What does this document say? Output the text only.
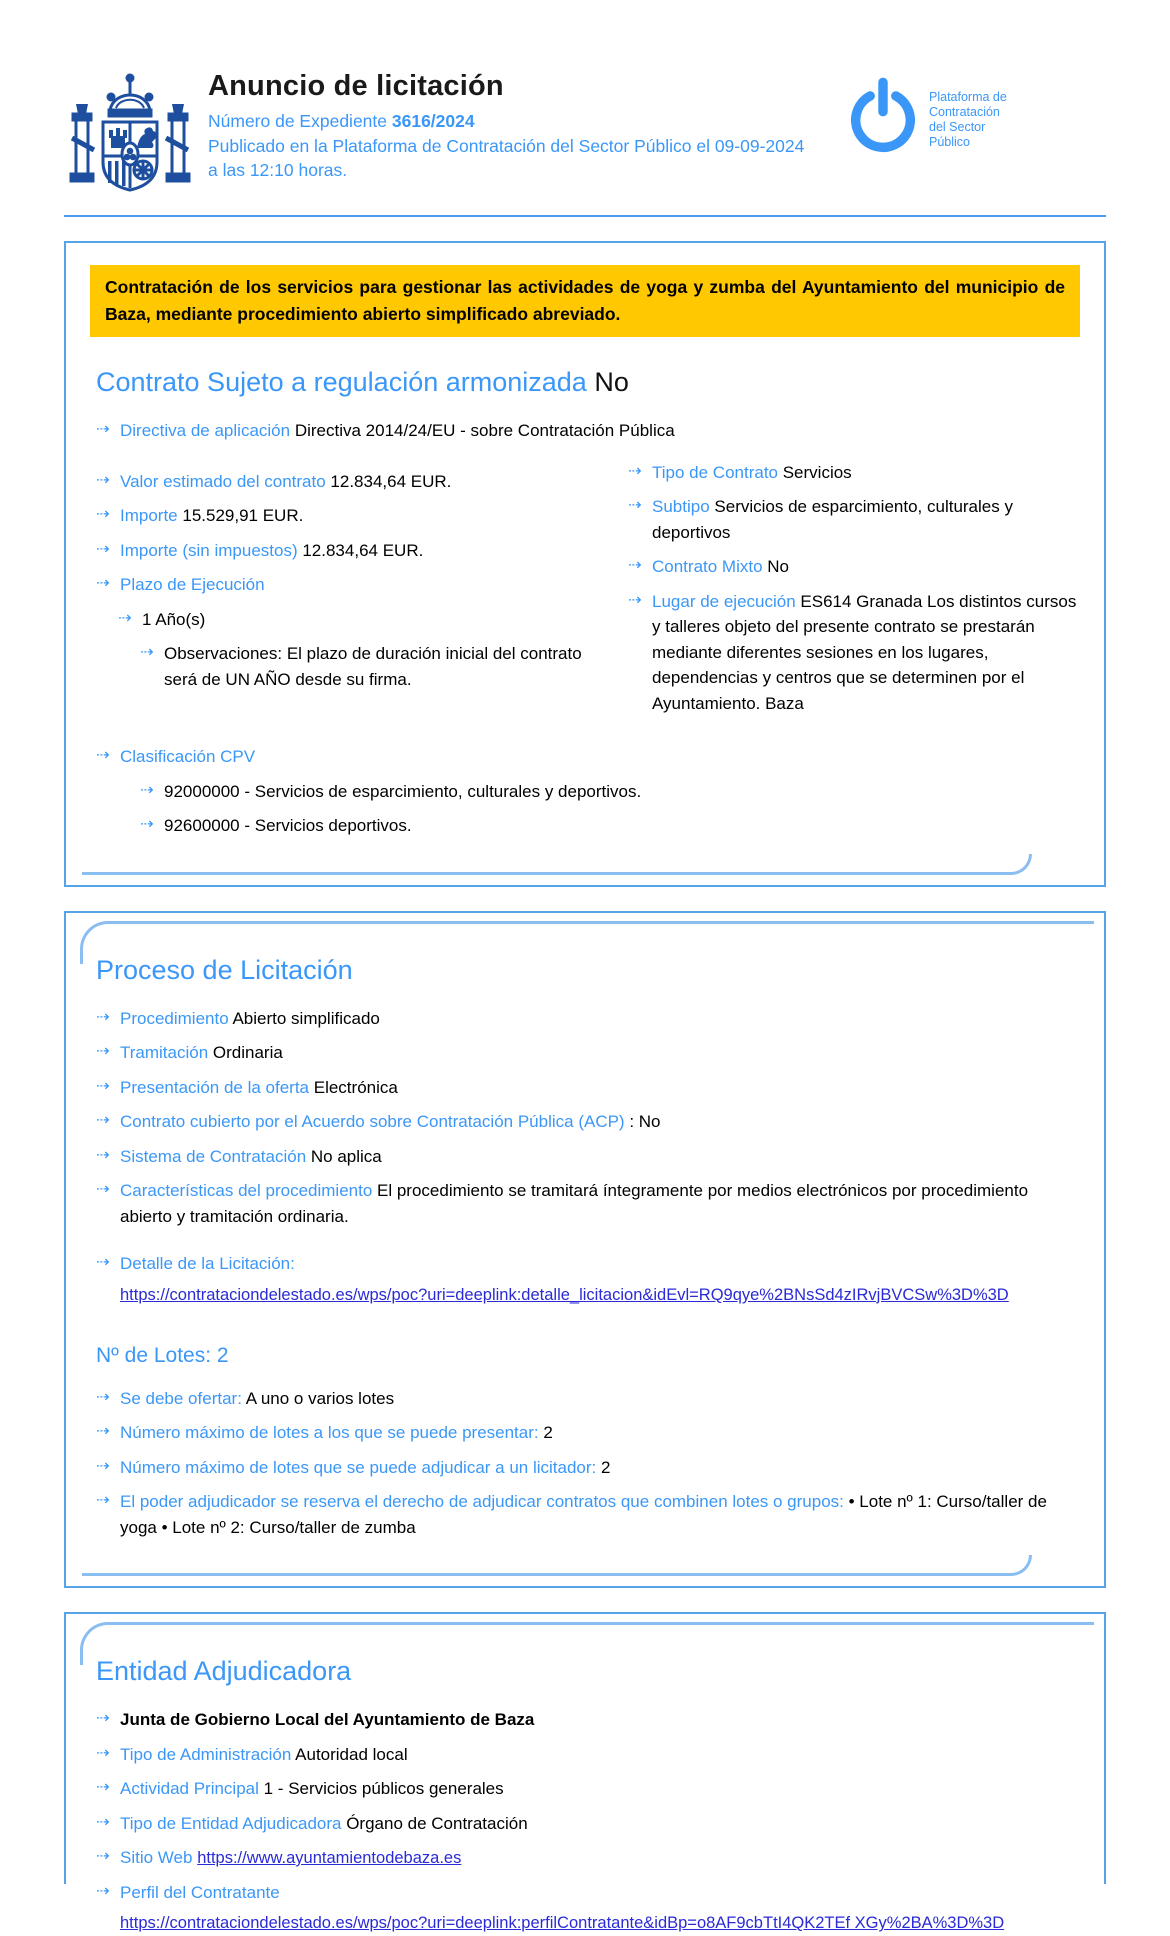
Anuncio de licitación
Número de Expediente 3616/2024
Publicado en la Plataforma de Contratación del Sector Público el 09-09-2024
a las 12:10 horas.
Plataforma de
Contratación
del Sector
Público
Contratación de los servicios para gestionar las actividades de yoga y zumba del Ayuntamiento del municipio de Baza, mediante procedimiento abierto simplificado abreviado.
Contrato Sujeto a regulación armonizada No
⇢ Directiva de aplicación Directiva 2014/24/EU - sobre Contratación Pública
⇢ Valor estimado del contrato 12.834,64 EUR.
⇢ Importe 15.529,91 EUR.
⇢ Importe (sin impuestos) 12.834,64 EUR.
⇢ Plazo de Ejecución
⇢ 1 Año(s)
⇢ Observaciones: El plazo de duración inicial del contrato será de UN AÑO desde su firma.
⇢ Tipo de Contrato Servicios
⇢ Subtipo Servicios de esparcimiento, culturales y deportivos
⇢ Contrato Mixto No
⇢ Lugar de ejecución ES614 Granada Los distintos cursos y talleres objeto del presente contrato se prestarán mediante diferentes sesiones en los lugares, dependencias y centros que se determinen por el Ayuntamiento. Baza
⇢ Clasificación CPV
⇢ 92000000 - Servicios de esparcimiento, culturales y deportivos.
⇢ 92600000 - Servicios deportivos.
Proceso de Licitación
⇢ Procedimiento Abierto simplificado
⇢ Tramitación Ordinaria
⇢ Presentación de la oferta Electrónica
⇢ Contrato cubierto por el Acuerdo sobre Contratación Pública (ACP) : No
⇢ Sistema de Contratación No aplica
⇢ Características del procedimiento El procedimiento se tramitará íntegramente por medios electrónicos por procedimiento abierto y tramitación ordinaria.
⇢ Detalle de la Licitación:
https://contrataciondelestado.es/wps/poc?uri=deeplink:detalle_licitacion&idEvl=RQ9qye%2BNsSd4zIRvjBVCSw%3D%3D
Nº de Lotes: 2
⇢ Se debe ofertar: A uno o varios lotes
⇢ Número máximo de lotes a los que se puede presentar: 2
⇢ Número máximo de lotes que se puede adjudicar a un licitador: 2
⇢ El poder adjudicador se reserva el derecho de adjudicar contratos que combinen lotes o grupos: • Lote nº 1: Curso/taller de yoga • Lote nº 2: Curso/taller de zumba
Entidad Adjudicadora
⇢ Junta de Gobierno Local del Ayuntamiento de Baza
⇢ Tipo de Administración Autoridad local
⇢ Actividad Principal 1 - Servicios públicos generales
⇢ Tipo de Entidad Adjudicadora Órgano de Contratación
⇢ Sitio Web https://www.ayuntamientodebaza.es
⇢ Perfil del Contratante
https://contrataciondelestado.es/wps/poc?uri=deeplink:perfilContratante&idBp=o8AF9cbTtI4QK2TEf XGy%2BA%3D%3D
